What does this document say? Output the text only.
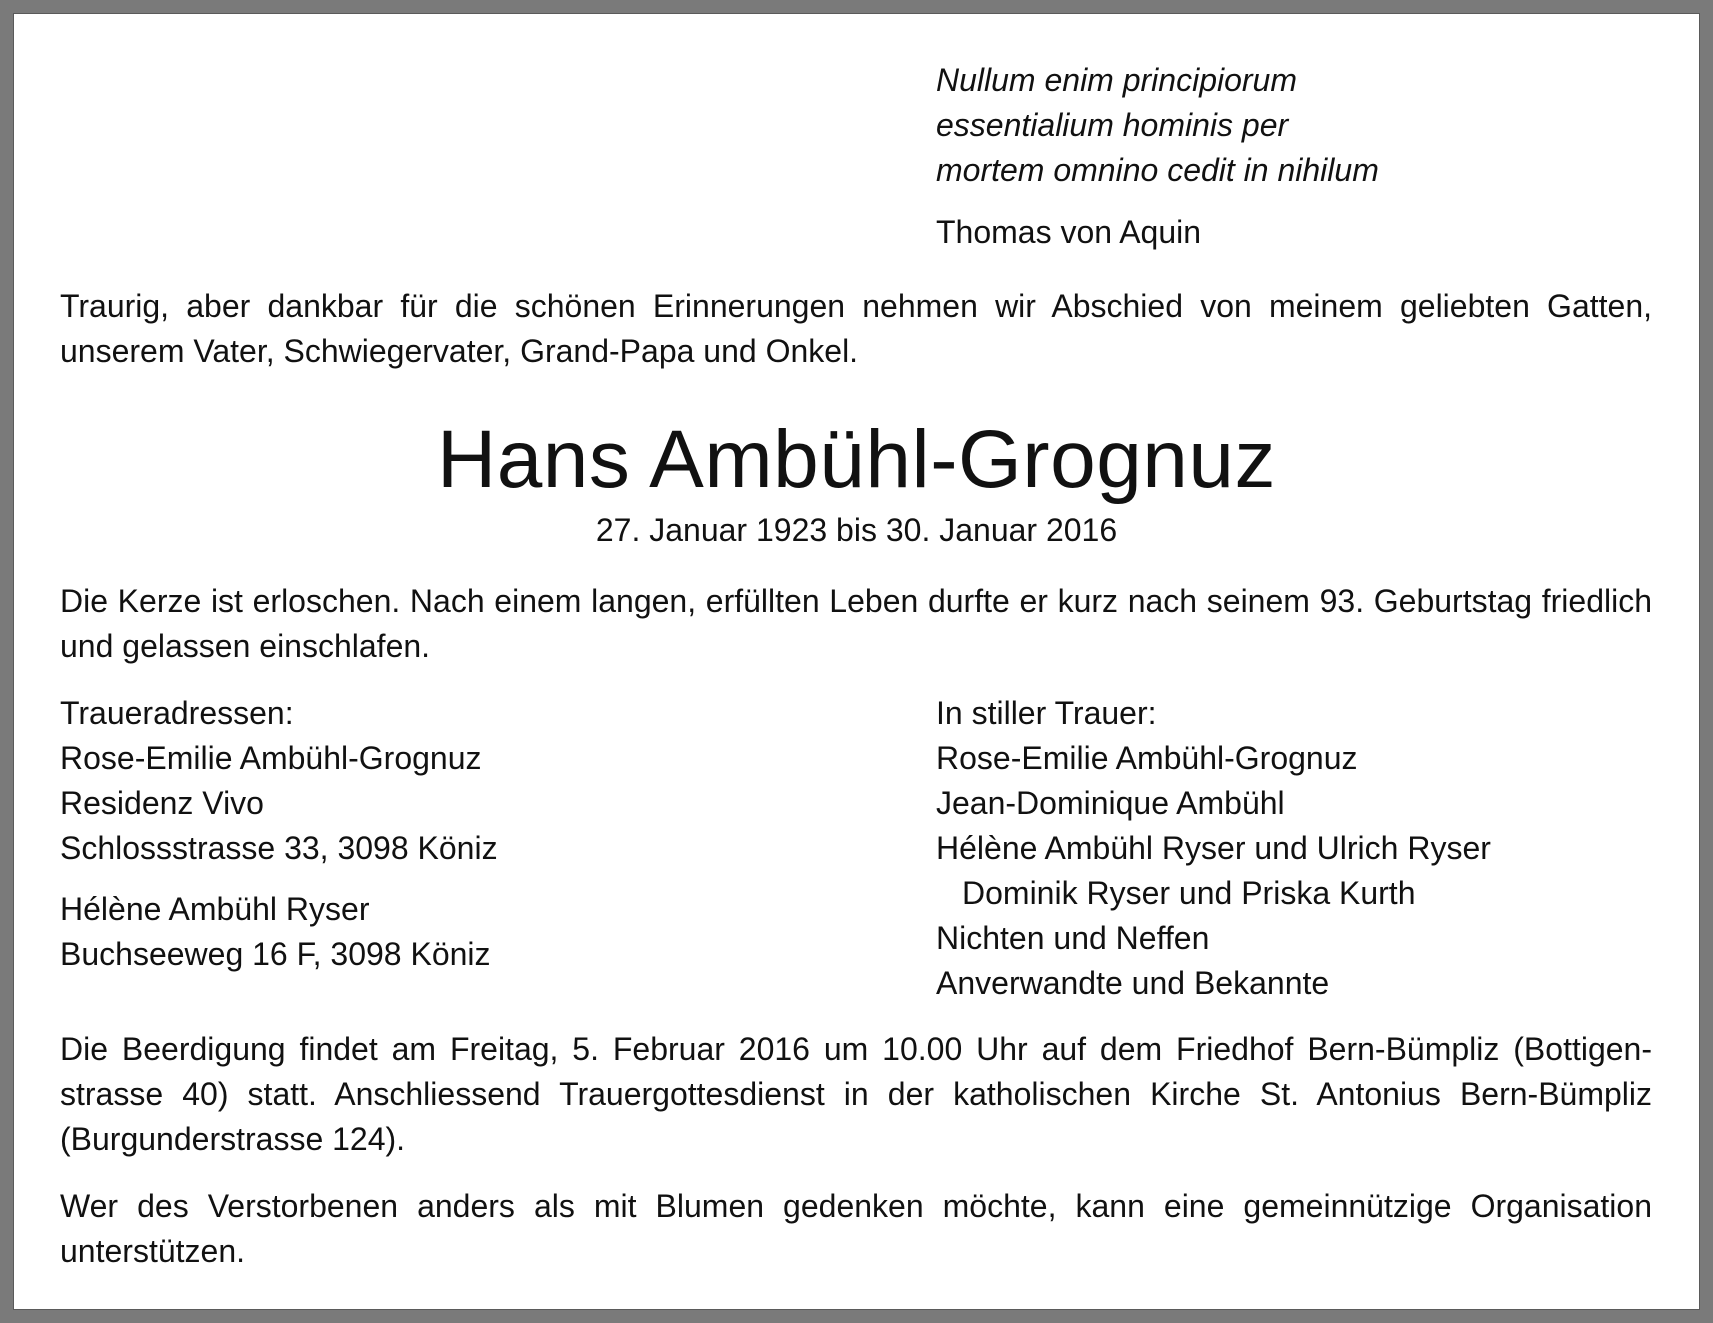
Nullum enim principiorum
essentialium hominis per
mortem omnino cedit in nihilum
Thomas von Aquin
Traurig, aber dankbar für die schönen Erinnerungen nehmen wir Abschied von meinem geliebten Gatten, unserem Vater, Schwiegervater, Grand-Papa und Onkel.
Hans Ambühl-Grognuz
27. Januar 1923 bis 30. Januar 2016
Die Kerze ist erloschen. Nach einem langen, erfüllten Leben durfte er kurz nach seinem 93. Geburtstag friedlich und gelassen einschlafen.
Traueradressen:
Rose-Emilie Ambühl-Grognuz
Residenz Vivo
Schlossstrasse 33, 3098 Köniz
Hélène Ambühl Ryser
Buchseeweg 16 F, 3098 Köniz
In stiller Trauer:
Rose-Emilie Ambühl-Grognuz
Jean-Dominique Ambühl
Hélène Ambühl Ryser und Ulrich Ryser
Dominik Ryser und Priska Kurth
Nichten und Neffen
Anverwandte und Bekannte
Die Beerdigung findet am Freitag, 5. Februar 2016 um 10.00 Uhr auf dem Friedhof Bern-Bümpliz (Bottigen-strasse 40) statt. Anschliessend Trauergottesdienst in der katholischen Kirche St. Antonius Bern-Bümpliz (Burgunderstrasse 124).
Wer des Verstorbenen anders als mit Blumen gedenken möchte, kann eine gemeinnützige Organisation unterstützen.
